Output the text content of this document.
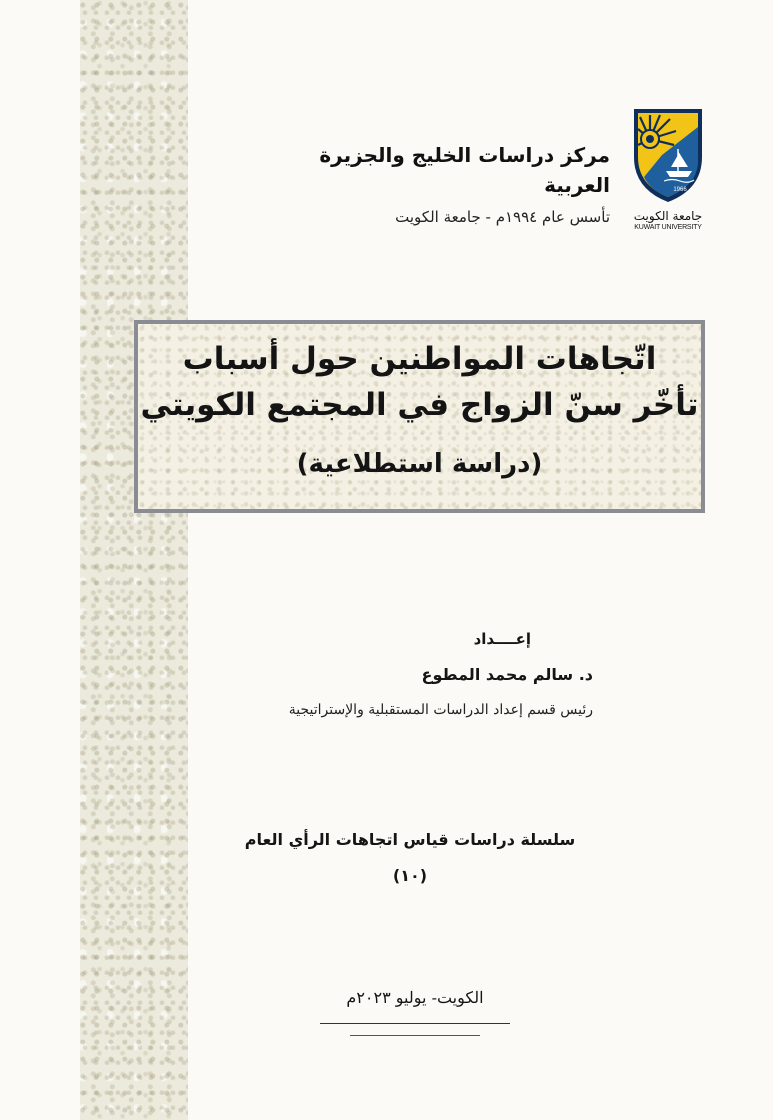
1966
جامعة الكويت
KUWAIT UNIVERSITY
مركز دراسات الخليج والجزيرة العربية
تأسس عام ١٩٩٤م - جامعة الكويت
اتّجاهات المواطنين حول أسباب
تأخّر سنّ الزواج في المجتمع الكويتي
(دراسة استطلاعية)
إعــــداد
د. سالم محمد المطوع
رئيس قسم إعداد الدراسات المستقبلية والإستراتيجية
سلسلة دراسات قياس اتجاهات الرأي العام
(١٠)
الكويت- يوليو ٢٠٢٣م
